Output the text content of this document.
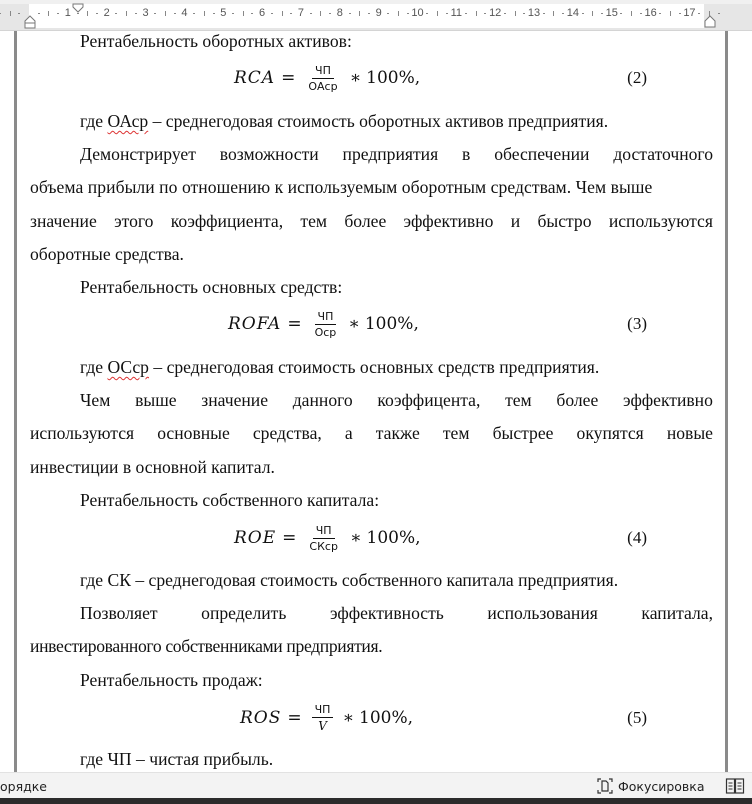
1	2	3	4	5	6	7	8	9	10 11 12 13 14 15 16 17
Рентабельность оборотных активов:
RCA = $\frac{ЧП}{\text{ОАср}}$ ∗ 100%,	(2)
где ОАср – среднегодовая стоимость оборотных активов предприятия.
Демонстрирует возможности предприятия в обеспечении достаточного
объема прибыли по отношению к используемым оборотным средствам. Чем выше
значение этого коэффициента, тем более эффективно и быстро используются
оборотные средства.
Рентабельность основных средств:
ROFA = $\frac{ЧП}{\text{Оср}}$ ∗ 100%,	(3)
где ОСср – среднегодовая стоимость основных средств предприятия.
Чем выше значение данного коэффицента, тем более эффективно
используются основные средства, а также тем быстрее окупятся новые
инвестиции в основной капитал.
Рентабельность собственного капитала:
ROE = $\frac{ЧП}{\text{СКср}}$ ∗ 100%,	(4)
где СК – среднегодовая стоимость собственного капитала предприятия.
Позволяет определить эффективность использования капитала,
инвестированного собственниками предприятия.
Рентабельность продаж:
ROS = $\frac{ЧП}{V}$ ∗ 100%,	(5)
где ЧП – чистая прибыль.
орядке	Фокусировка
